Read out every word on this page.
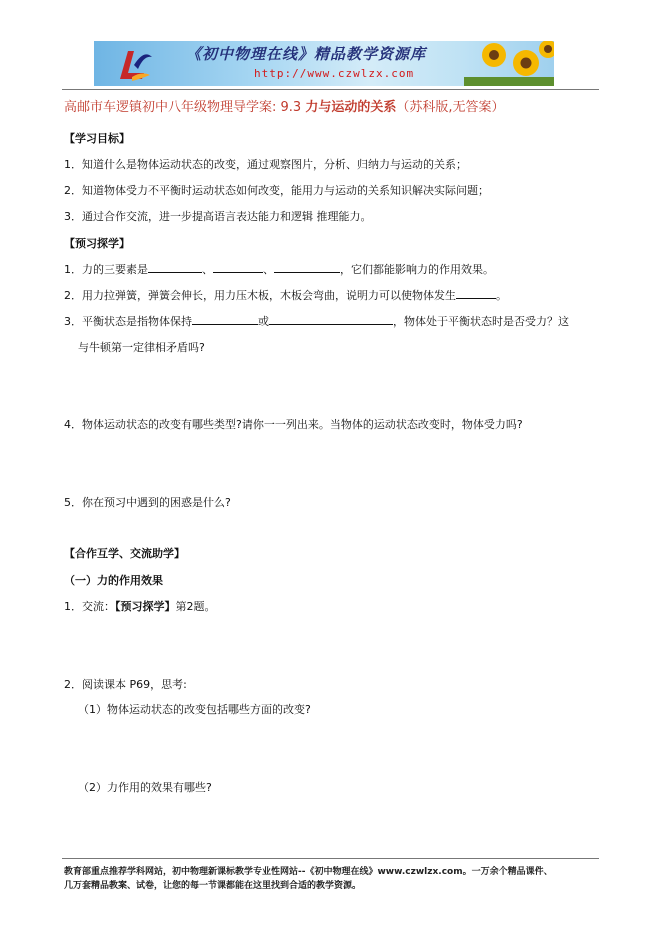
《初中物理在线》精品教学资源库
http://www.czwlzx.com
高邮市车逻镇初中八年级物理导学案: 9.3 力与运动的关系（苏科版,无答案）
【学习目标】
1．知道什么是物体运动状态的改变，通过观察图片，分析、归纳力与运动的关系；
2．知道物体受力不平衡时运动状态如何改变，能用力与运动的关系知识解决实际问题；
3．通过合作交流，进一步提高语言表达能力和逻辑 推理能力。
【预习探学】
1．力的三要素是	、	、	，它们都能影响力的作用效果。
2．用力拉弹簧，弹簧会伸长，用力压木板，木板会弯曲，说明力可以使物体发生	。
3．平衡状态是指物体保持	或	，物体处于平衡状态时是否受力？这
与牛顿第一定律相矛盾吗?
4．物体运动状态的改变有哪些类型?请你一一列出来。当物体的运动状态改变时，物体受力吗?
5．你在预习中遇到的困惑是什么?
【合作互学、交流助学】
（一）力的作用效果
1．交流：【预习探学】第2题。
2．阅读课本 P69，思考:
（1）物体运动状态的改变包括哪些方面的改变?
（2）力作用的效果有哪些?
教育部重点推荐学科网站，初中物理新课标教学专业性网站--《初中物理在线》www.czwlzx.com。一万余个精品课件、
几万套精品教案、试卷，让您的每一节课都能在这里找到合适的教学资源。
